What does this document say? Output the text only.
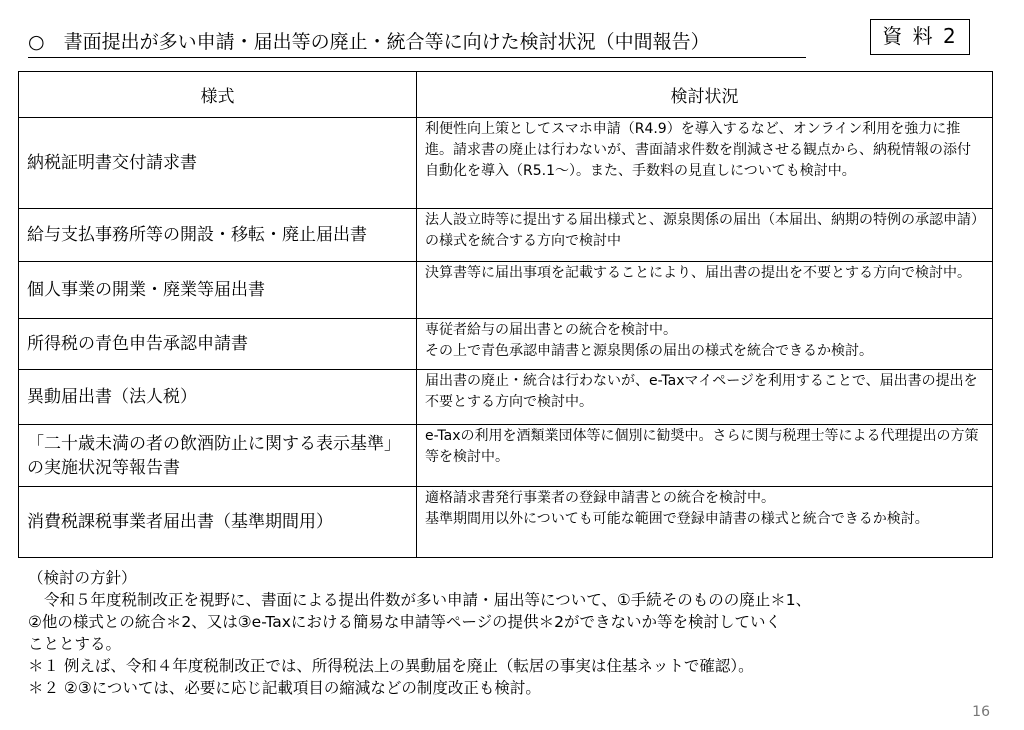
○　書面提出が多い申請・届出等の廃止・統合等に向けた検討状況（中間報告）	資 料 2
様式	検討状況
納税証明書交付請求書	利便性向上策としてスマホ申請（R4.9）を導入するなど、オンライン利用を強力に推進。請求書の廃止は行わないが、書面請求件数を削減させる観点から、納税情報の添付自動化を導入（R5.1〜）。また、手数料の見直しについても検討中。
給与支払事務所等の開設・移転・廃止届出書	法人設立時等に提出する届出様式と、源泉関係の届出（本届出、納期の特例の承認申請）の様式を統合する方向で検討中
個人事業の開業・廃業等届出書	決算書等に届出事項を記載することにより、届出書の提出を不要とする方向で検討中。
所得税の青色申告承認申請書	専従者給与の届出書との統合を検討中。
その上で青色承認申請書と源泉関係の届出の様式を統合できるか検討。

異動届出書（法人税）	届出書の廃止・統合は行わないが、e-Taxマイページを利用することで、届出書の提出を不要とする方向で検討中。
「二十歳未満の者の飲酒防止に関する表示基準」の実施状況等報告書	e-Taxの利用を酒類業団体等に個別に勧奨中。さらに関与税理士等による代理提出の方策等を検討中。
消費税課税事業者届出書（基準期間用）	適格請求書発行事業者の登録申請書との統合を検討中。
基準期間用以外についても可能な範囲で登録申請書の様式と統合できるか検討。
（検討の方針）
令和５年度税制改正を視野に、書面による提出件数が多い申請・届出等について、①手続そのものの廃止＊1、
②他の様式との統合＊2、又は③e-Taxにおける簡易な申請等ページの提供＊2ができないか等を検討していく
こととする。
＊１ 例えば、令和４年度税制改正では、所得税法上の異動届を廃止（転居の事実は住基ネットで確認）。
＊２ ②③については、必要に応じ記載項目の縮減などの制度改正も検討。
16
